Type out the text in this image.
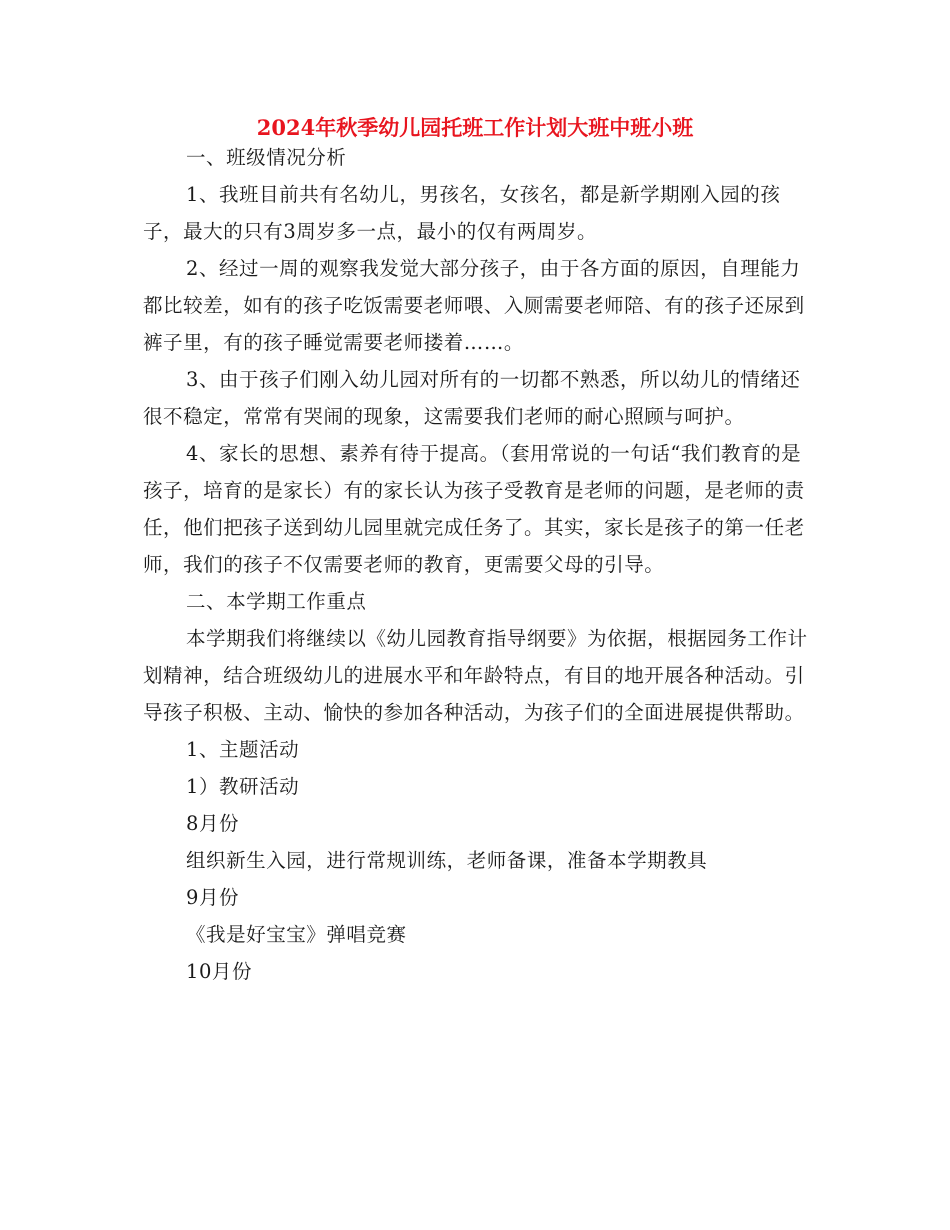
2024年秋季幼儿园托班工作计划大班中班小班

一、班级情况分析

1、我班目前共有名幼儿，男孩名，女孩名，都是新学期刚入园的孩子，最大的只有3周岁多一点，最小的仅有两周岁。

2、经过一周的观察我发觉大部分孩子，由于各方面的原因，自理能力都比较差，如有的孩子吃饭需要老师喂、入厕需要老师陪、有的孩子还尿到裤子里，有的孩子睡觉需要老师搂着……。

3、由于孩子们刚入幼儿园对所有的一切都不熟悉，所以幼儿的情绪还很不稳定，常常有哭闹的现象，这需要我们老师的耐心照顾与呵护。

4、家长的思想、素养有待于提高。（套用常说的一句话“我们教育的是孩子，培育的是家长）有的家长认为孩子受教育是老师的问题，是老师的责任，他们把孩子送到幼儿园里就完成任务了。其实，家长是孩子的第一任老师，我们的孩子不仅需要老师的教育，更需要父母的引导。

二、本学期工作重点

本学期我们将继续以《幼儿园教育指导纲要》为依据，根据园务工作计划精神，结合班级幼儿的进展水平和年龄特点，有目的地开展各种活动。引导孩子积极、主动、愉快的参加各种活动，为孩子们的全面进展提供帮助。

1、主题活动

1）教研活动

8月份

组织新生入园，进行常规训练，老师备课，准备本学期教具

9月份

《我是好宝宝》弹唱竞赛

10月份
